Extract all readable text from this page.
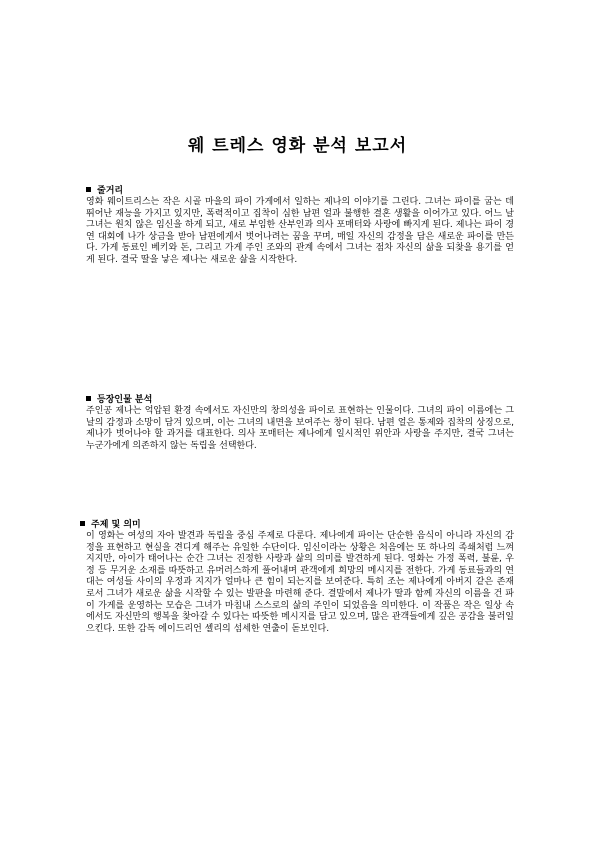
웨 트레스 영화 분석 보고서
줄거리
영화 웨이트리스는 작은 시골 마을의 파이 가게에서 일하는 제나의 이야기를 그린다. 그녀는 파이를 굽는 데 뛰어난 재능을 가지고 있지만, 폭력적이고 집착이 심한 남편 얼과 불행한 결혼 생활을 이어가고 있다. 어느 날 그녀는 원치 않은 임신을 하게 되고, 새로 부임한 산부인과 의사 포매터와 사랑에 빠지게 된다. 제나는 파이 경연 대회에 나가 상금을 받아 남편에게서 벗어나려는 꿈을 꾸며, 매일 자신의 감정을 담은 새로운 파이를 만든다. 가게 동료인 베키와 돈, 그리고 가게 주인 조와의 관계 속에서 그녀는 점차 자신의 삶을 되찾을 용기를 얻게 된다. 결국 딸을 낳은 제나는 새로운 삶을 시작한다.
등장인물 분석
주인공 제나는 억압된 환경 속에서도 자신만의 창의성을 파이로 표현하는 인물이다. 그녀의 파이 이름에는 그날의 감정과 소망이 담겨 있으며, 이는 그녀의 내면을 보여주는 창이 된다. 남편 얼은 통제와 집착의 상징으로, 제나가 벗어나야 할 과거를 대표한다. 의사 포매터는 제나에게 일시적인 위안과 사랑을 주지만, 결국 그녀는 누군가에게 의존하지 않는 독립을 선택한다.
주제 및 의미
이 영화는 여성의 자아 발견과 독립을 중심 주제로 다룬다. 제나에게 파이는 단순한 음식이 아니라 자신의 감정을 표현하고 현실을 견디게 해주는 유일한 수단이다. 임신이라는 상황은 처음에는 또 하나의 족쇄처럼 느껴지지만, 아이가 태어나는 순간 그녀는 진정한 사랑과 삶의 의미를 발견하게 된다. 영화는 가정 폭력, 불륜, 우정 등 무거운 소재를 따뜻하고 유머러스하게 풀어내며 관객에게 희망의 메시지를 전한다. 가게 동료들과의 연대는 여성들 사이의 우정과 지지가 얼마나 큰 힘이 되는지를 보여준다. 특히 조는 제나에게 아버지 같은 존재로서 그녀가 새로운 삶을 시작할 수 있는 발판을 마련해 준다. 결말에서 제나가 딸과 함께 자신의 이름을 건 파이 가게를 운영하는 모습은 그녀가 마침내 스스로의 삶의 주인이 되었음을 의미한다. 이 작품은 작은 일상 속에서도 자신만의 행복을 찾아갈 수 있다는 따뜻한 메시지를 담고 있으며, 많은 관객들에게 깊은 공감을 불러일으킨다. 또한 감독 에이드리언 셸리의 섬세한 연출이 돋보인다.
